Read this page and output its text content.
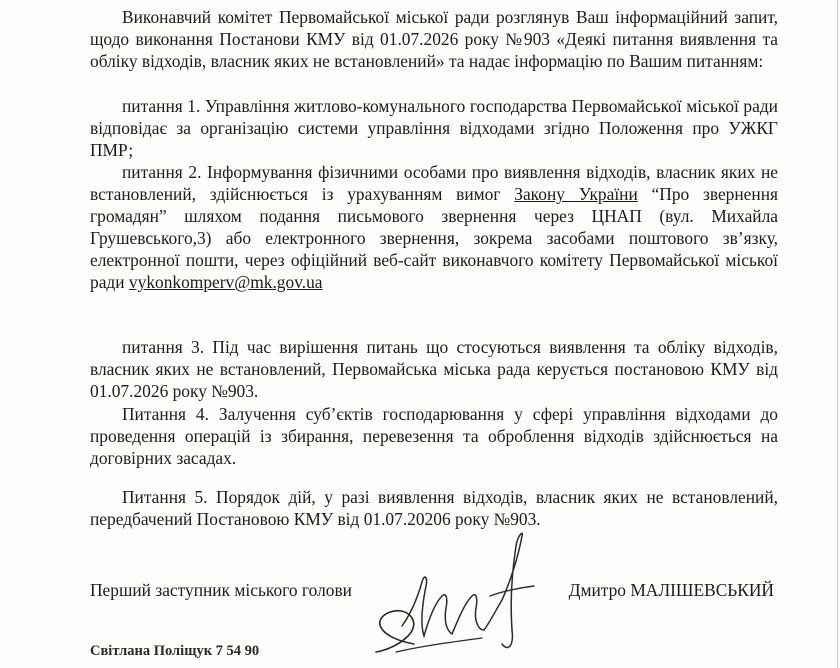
Виконавчий комітет Первомайської міської ради розглянув Ваш інформаційний запит, щодо виконання Постанови КМУ від 01.07.2026 року №903 «Деякі питання виявлення та обліку відходів, власник яких не встановлений» та надає інформацію по Вашим питанням:

питання 1. Управління житлово-комунального господарства Первомайської міської ради відповідає за організацію системи управління відходами згідно Положення про УЖКГ ПМР;

питання 2. Інформування фізичними особами про виявлення відходів, власник яких не встановлений, здійснюється із урахуванням вимог Закону України “Про звернення громадян” шляхом подання письмового звернення через ЦНАП (вул. Михайла Грушевського,3) або електронного звернення, зокрема засобами поштового зв’язку, електронної пошти, через офіційний веб-сайт виконавчого комітету Первомайської міської ради vykonkomperv@mk.gov.ua

питання 3. Під час вирішення питань що стосуються виявлення та обліку відходів, власник яких не встановлений, Первомайська міська рада керується постановою КМУ від 01.07.2026 року №903.

Питання 4. Залучення суб’єктів господарювання у сфері управління відходами до проведення операцій із збирання, перевезення та оброблення відходів здійснюється на договірних засадах.

Питання 5. Порядок дій, у разі виявлення відходів, власник яких не встановлений, передбачений Постановою КМУ від 01.07.20206 року №903.

Перший заступник міського голови	Дмитро МАЛІШЕВСЬКИЙ
Світлана Поліщук 7 54 90
